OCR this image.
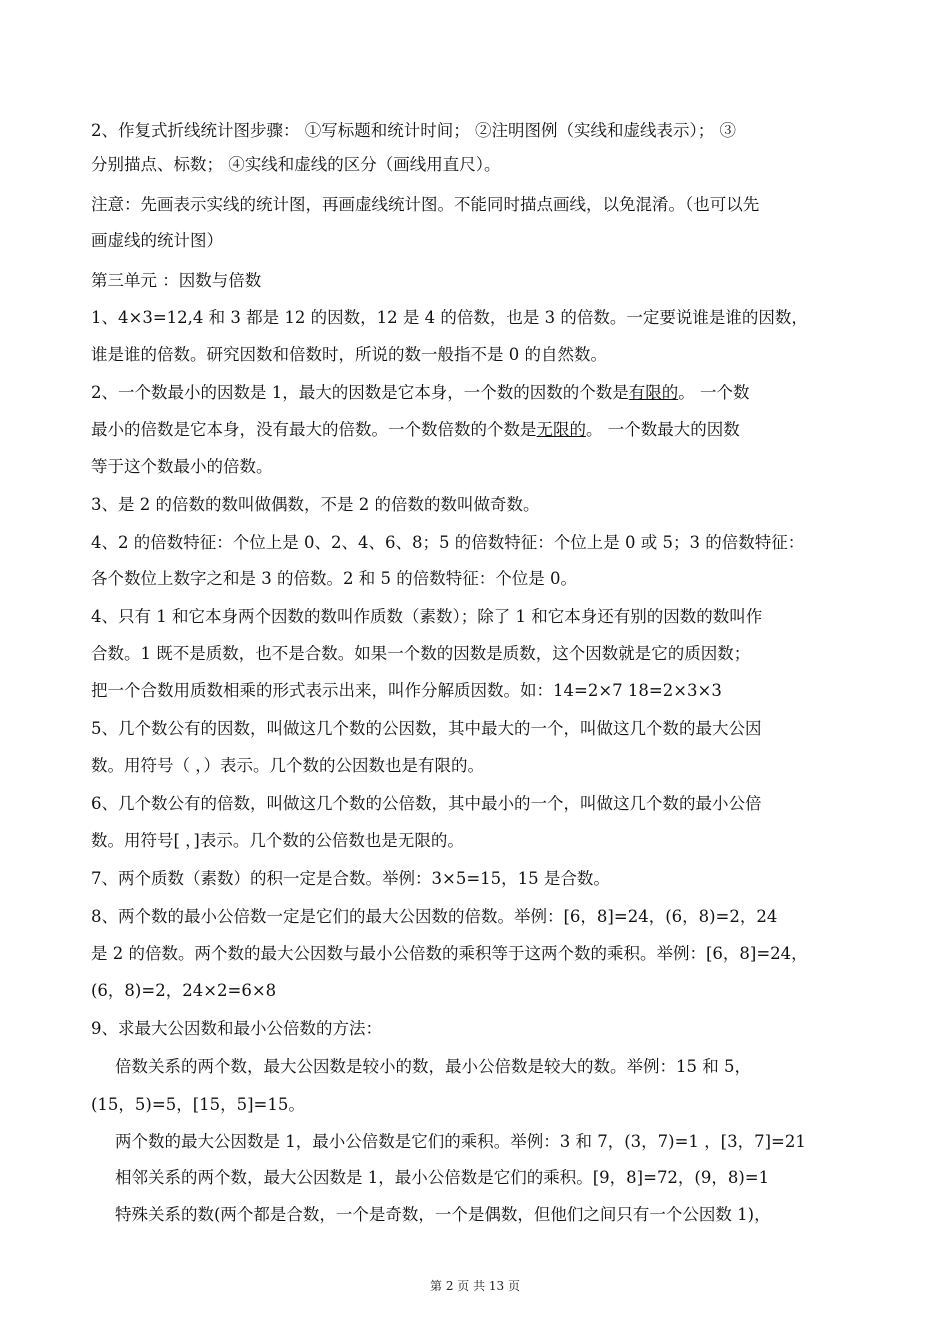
2、作复式折线统计图步骤： ①写标题和统计时间； ②注明图例（实线和虚线表示）； ③
分别描点、标数； ④实线和虚线的区分（画线用直尺）。
注意：先画表示实线的统计图，再画虚线统计图。不能同时描点画线，以免混淆。（也可以先
画虚线的统计图）
第三单元 ：因数与倍数
1、4×3=12,4 和 3 都是 12 的因数，12 是 4 的倍数，也是 3 的倍数。一定要说谁是谁的因数，
谁是谁的倍数。研究因数和倍数时，所说的数一般指不是 0 的自然数。
2、一个数最小的因数是 1，最大的因数是它本身，一个数的因数的个数是有限的。 一个数
最小的倍数是它本身，没有最大的倍数。一个数倍数的个数是无限的。 一个数最大的因数
等于这个数最小的倍数。
3、是 2 的倍数的数叫做偶数，不是 2 的倍数的数叫做奇数。
4、2 的倍数特征：个位上是 0、2、4、6、8；5 的倍数特征：个位上是 0 或 5；3 的倍数特征：
各个数位上数字之和是 3 的倍数。2 和 5 的倍数特征：个位是 0。
4、只有 1 和它本身两个因数的数叫作质数（素数）；除了 1 和它本身还有别的因数的数叫作
合数。1 既不是质数，也不是合数。如果一个数的因数是质数，这个因数就是它的质因数；
把一个合数用质数相乘的形式表示出来，叫作分解质因数。如：14=2×7 18=2×3×3
5、几个数公有的因数，叫做这几个数的公因数，其中最大的一个，叫做这几个数的最大公因
数。用符号（ ，）表示。几个数的公因数也是有限的。
6、几个数公有的倍数，叫做这几个数的公倍数，其中最小的一个，叫做这几个数的最小公倍
数。用符号[ ，]表示。几个数的公倍数也是无限的。
7、两个质数（素数）的积一定是合数。举例：3×5=15，15 是合数。
8、两个数的最小公倍数一定是它们的最大公因数的倍数。举例：[6，8]=24，(6，8)=2，24
是 2 的倍数。两个数的最大公因数与最小公倍数的乘积等于这两个数的乘积。举例：[6，8]=24，
(6，8)=2，24×2=6×8
9、求最大公因数和最小公倍数的方法：
倍数关系的两个数，最大公因数是较小的数，最小公倍数是较大的数。举例：15 和 5，
(15，5)=5，[15，5]=15。
两个数的最大公因数是 1，最小公倍数是它们的乘积。举例：3 和 7，(3，7)=1 ，[3，7]=21
相邻关系的两个数，最大公因数是 1，最小公倍数是它们的乘积。[9，8]=72，(9，8)=1
特殊关系的数(两个都是合数，一个是奇数，一个是偶数，但他们之间只有一个公因数 1)，
第 2 页 共 13 页
